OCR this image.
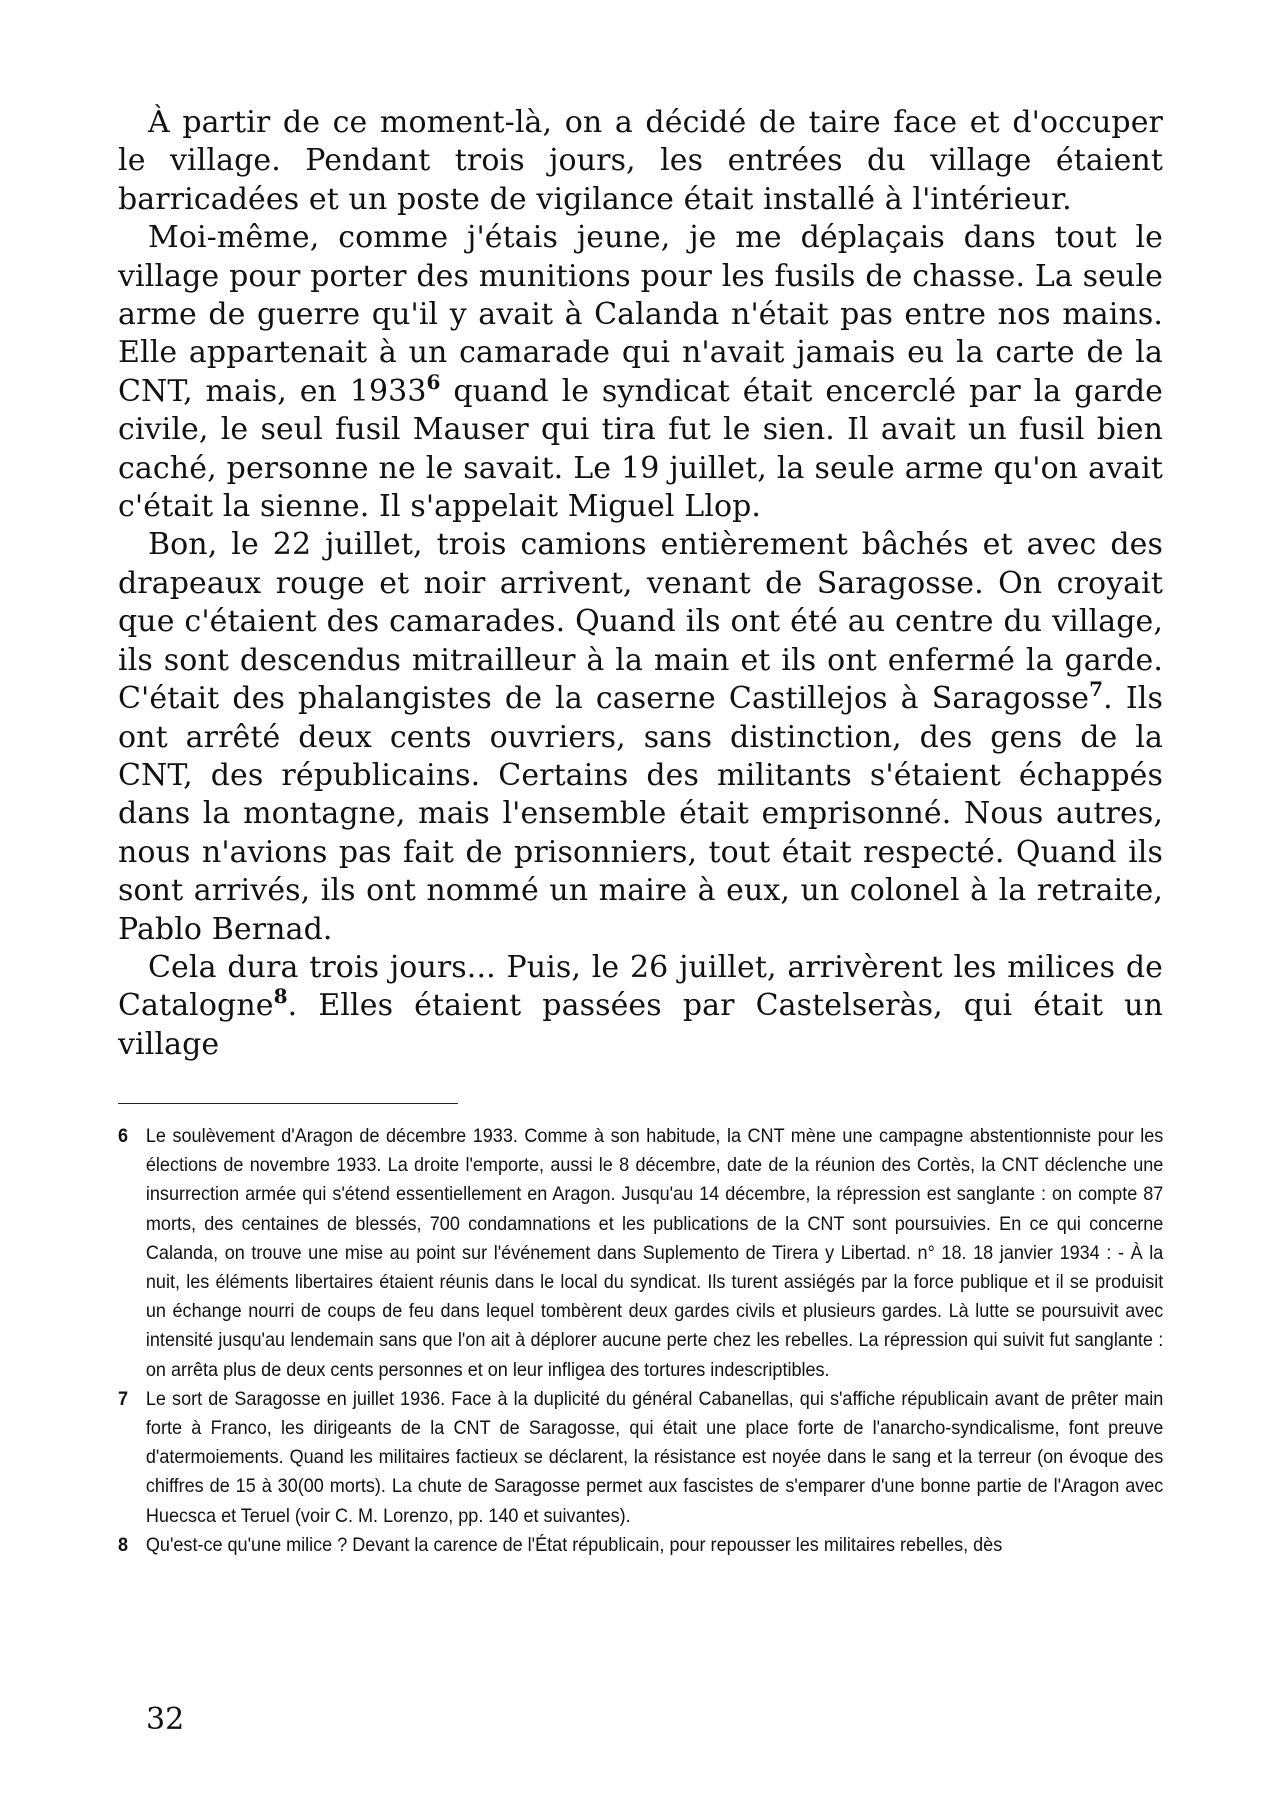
À partir de ce moment-là, on a décidé de taire face et d'occuper le village. Pendant trois jours, les entrées du village étaient barricadées et un poste de vigilance était installé à l'intérieur.

Moi-même, comme j'étais jeune, je me déplaçais dans tout le village pour porter des munitions pour les fusils de chasse. La seule arme de guerre qu'il y avait à Calanda n'était pas entre nos mains. Elle appartenait à un camarade qui n'avait jamais eu la carte de la CNT, mais, en 1933$^6$ quand le syndicat était encerclé par la garde civile, le seul fusil Mauser qui tira fut le sien. Il avait un fusil bien caché, personne ne le savait. Le 19 juillet, la seule arme qu'on avait c'était la sienne. Il s'appelait Miguel Llop.

Bon, le 22 juillet, trois camions entièrement bâchés et avec des drapeaux rouge et noir arrivent, venant de Saragosse. On croyait que c'étaient des camarades. Quand ils ont été au centre du village, ils sont descendus mitrailleur à la main et ils ont enfermé la garde. C'était des phalangistes de la caserne Castillejos à Saragosse$^7$. Ils ont arrêté deux cents ouvriers, sans distinction, des gens de la CNT, des républicains. Certains des militants s'étaient échappés dans la montagne, mais l'ensemble était emprisonné. Nous autres, nous n'avions pas fait de prisonniers, tout était respecté. Quand ils sont arrivés, ils ont nommé un maire à eux, un colonel à la retraite, Pablo Bernad.

Cela dura trois jours... Puis, le 26 juillet, arrivèrent les milices de Catalogne$^8$. Elles étaient passées par Castelseràs, qui était un village

6 Le soulèvement d'Aragon de décembre 1933. Comme à son habitude, la CNT mène une campagne abstentionniste pour les élections de novembre 1933. La droite l'emporte, aussi le 8 décembre, date de la réunion des Cortès, la CNT déclenche une insurrection armée qui s'étend essentiellement en Aragon. Jusqu'au 14 décembre, la répression est sanglante : on compte 87 morts, des centaines de blessés, 700 condamnations et les publications de la CNT sont poursuivies. En ce qui concerne Calanda, on trouve une mise au point sur l'événement dans Suplemento de Tirera y Libertad. n° 18. 18 janvier 1934 : - À la nuit, les éléments libertaires étaient réunis dans le local du syndicat. Ils turent assiégés par la force publique et il se produisit un échange nourri de coups de feu dans lequel tombèrent deux gardes civils et plusieurs gardes. Là lutte se poursuivit avec intensité jusqu'au lendemain sans que l'on ait à déplorer aucune perte chez les rebelles. La répression qui suivit fut sanglante : on arrêta plus de deux cents personnes et on leur infligea des tortures indescriptibles.
7 Le sort de Saragosse en juillet 1936. Face à la duplicité du général Cabanellas, qui s'affiche républicain avant de prêter main forte à Franco, les dirigeants de la CNT de Saragosse, qui était une place forte de l'anarcho-syndicalisme, font preuve d'atermoiements. Quand les militaires factieux se déclarent, la résistance est noyée dans le sang et la terreur (on évoque des chiffres de 15 à 30(00 morts). La chute de Saragosse permet aux fascistes de s'emparer d'une bonne partie de l'Aragon avec Huecsca et Teruel (voir C. M. Lorenzo, pp. 140 et suivantes).
8 Qu'est-ce qu'une milice ? Devant la carence de l'État républicain, pour repousser les militaires rebelles, dès
32
